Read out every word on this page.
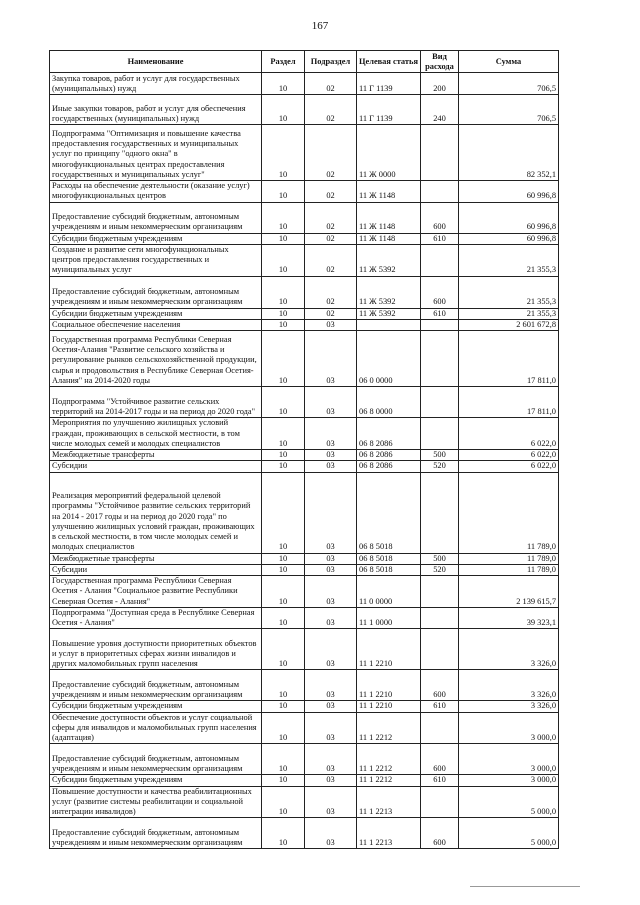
167
Наименование	Раздел	Подраздел	Целевая статья	Вид расхода	Сумма
Закупка товаров, работ и услуг для государственных (муниципальных) нужд	10	02	11 Г 1139	200	706,5
Иные закупки товаров, работ и услуг для обеспечения государственных (муниципальных) нужд	10	02	11 Г 1139	240	706,5
Подпрограмма "Оптимизация и повышение качества предоставления государственных и муниципальных услуг по принципу "одного окна" в многофункциональных центрах предоставления государственных и муниципальных услуг"	10	02	11 Ж 0000		82 352,1
Расходы на обеспечение деятельности (оказание услуг) многофункциональных центров	10	02	11 Ж 1148		60 996,8
Предоставление субсидий бюджетным, автономным учреждениям и иным некоммерческим организациям	10	02	11 Ж 1148	600	60 996,8
Субсидии бюджетным учреждениям	10	02	11 Ж 1148	610	60 996,8
Создание и развитие сети многофункциональных центров предоставления государственных и муниципальных услуг	10	02	11 Ж 5392		21 355,3
Предоставление субсидий бюджетным, автономным учреждениям и иным некоммерческим организациям	10	02	11 Ж 5392	600	21 355,3
Субсидии бюджетным учреждениям	10	02	11 Ж 5392	610	21 355,3
Социальное обеспечение населения	10	03			2 601 672,8
Государственная программа Республики Северная Осетия-Алания "Развитие сельского хозяйства и регулирование рынков сельскохозяйственной продукции, сырья и продовольствия в Республике Северная Осетия-Алания" на 2014-2020 годы	10	03	06 0 0000		17 811,0
Подпрограмма "Устойчивое развитие сельских территорий на 2014-2017 годы и на период до 2020 года"	10	03	06 8 0000		17 811,0
Мероприятия по улучшению жилищных условий граждан, проживающих в сельской местности, в том числе молодых семей и молодых специалистов	10	03	06 8 2086		6 022,0
Межбюджетные трансферты	10	03	06 8 2086	500	6 022,0
Субсидии	10	03	06 8 2086	520	6 022,0
Реализация мероприятий федеральной целевой программы "Устойчивое развитие сельских территорий на 2014 - 2017 годы и на период до 2020 года" по улучшению жилищных условий граждан, проживающих в сельской местности, в том числе молодых семей и молодых специалистов	10	03	06 8 5018		11 789,0
Межбюджетные трансферты	10	03	06 8 5018	500	11 789,0
Субсидии	10	03	06 8 5018	520	11 789,0
Государственная программа Республики Северная Осетия - Алания "Социальное развитие Республики Северная Осетия - Алания"	10	03	11 0 0000		2 139 615,7
Подпрограмма "Доступная среда в Республике Северная Осетия - Алания"	10	03	11 1 0000		39 323,1
Повышение уровня доступности приоритетных объектов и услуг в приоритетных сферах жизни инвалидов и других маломобильных групп населения	10	03	11 1 2210		3 326,0
Предоставление субсидий бюджетным, автономным учреждениям и иным некоммерческим организациям	10	03	11 1 2210	600	3 326,0
Субсидии бюджетным учреждениям	10	03	11 1 2210	610	3 326,0
Обеспечение доступности объектов и услуг социальной сферы для инвалидов и маломобильных групп населения (адаптация)	10	03	11 1 2212		3 000,0
Предоставление субсидий бюджетным, автономным учреждениям и иным некоммерческим организациям	10	03	11 1 2212	600	3 000,0
Субсидии бюджетным учреждениям	10	03	11 1 2212	610	3 000,0
Повышение доступности и качества реабилитационных услуг (развитие системы реабилитации и социальной интеграции инвалидов)	10	03	11 1 2213		5 000,0
Предоставление субсидий бюджетным, автономным учреждениям и иным некоммерческим организациям	10	03	11 1 2213	600	5 000,0
